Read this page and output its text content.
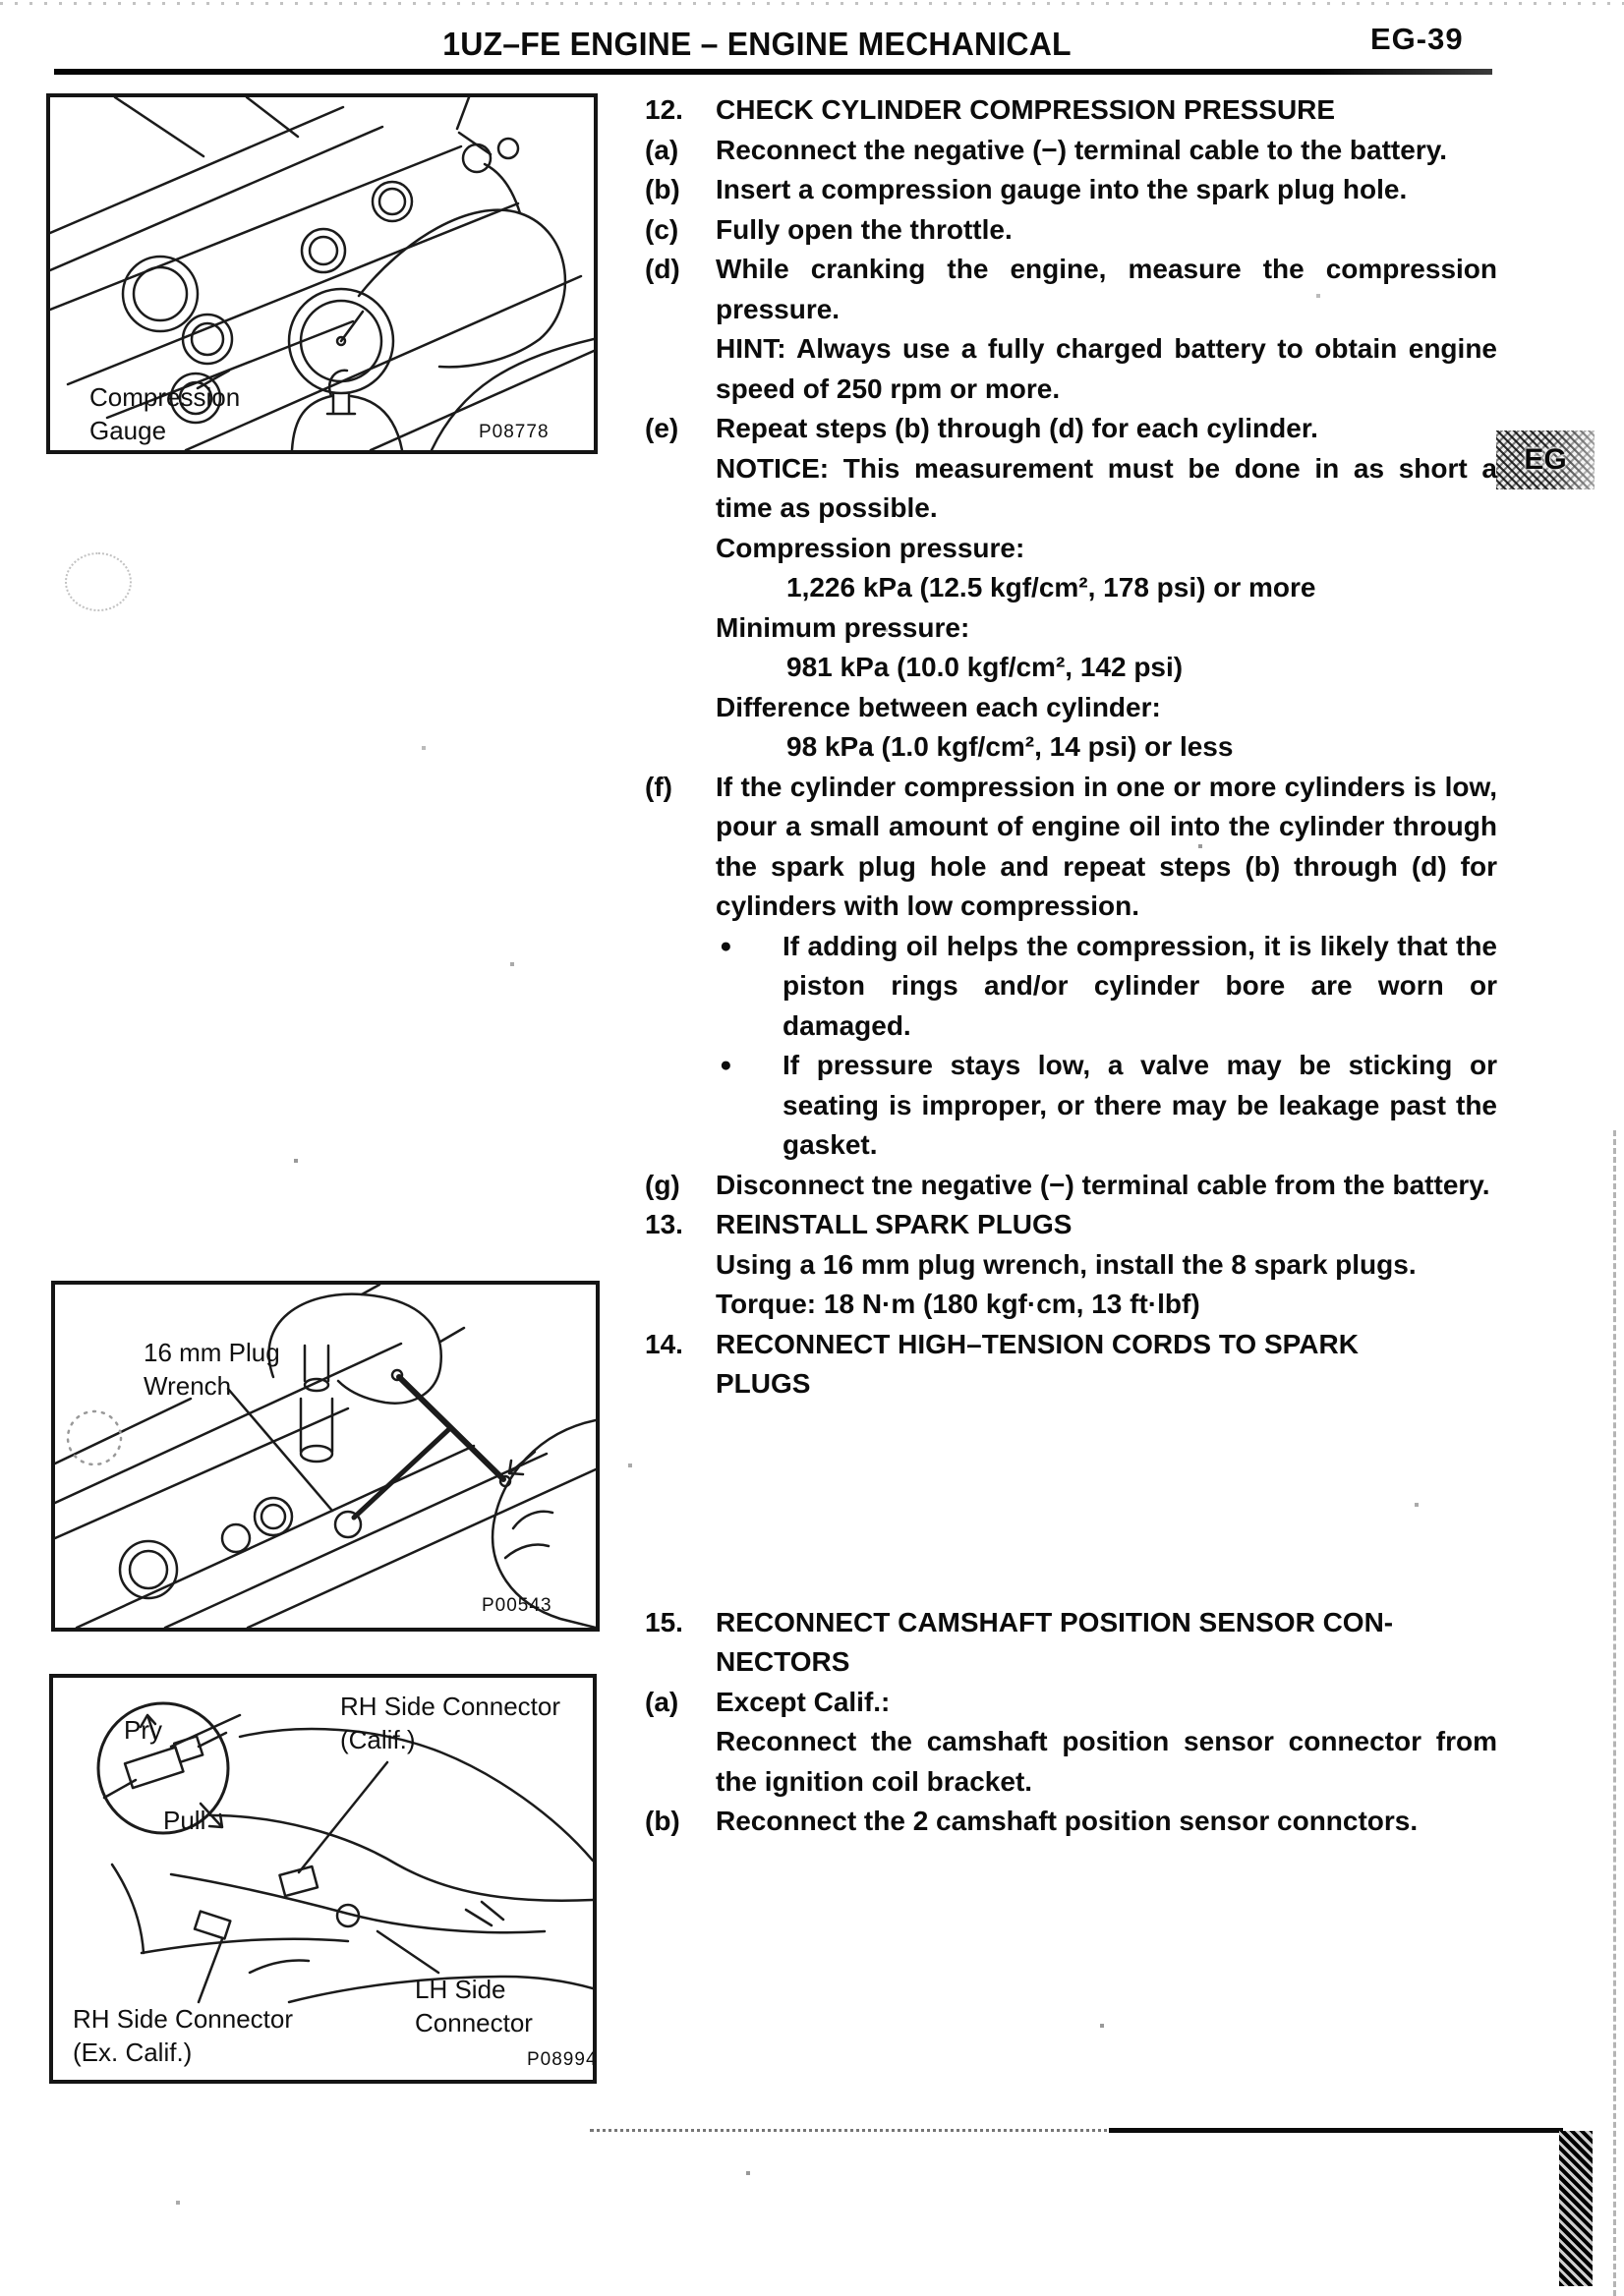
1UZ–FE ENGINE – ENGINE MECHANICAL	EG-39
EG
Compression
Gauge	P08778
16 mm Plug
Wrench
P00543
Pry
Pull
RH Side Connector
(Calif.)
RH Side Connector
(Ex. Calif.)
LH Side
Connector
P08994
12.	CHECK CYLINDER COMPRESSION PRESSURE
(a)	Reconnect the negative (−) terminal cable to the battery.
(b)	Insert a compression gauge into the spark plug hole.
(c)	Fully open the throttle.
(d)	While cranking the engine, measure the compression pressure.
HINT: Always use a fully charged battery to obtain engine speed of 250 rpm or more.
(e)	Repeat steps (b) through (d) for each cylinder.
NOTICE: This measurement must be done in as short a time as possible.
Compression pressure:
1,226 kPa (12.5 kgf/cm², 178 psi) or more
Minimum pressure:
981 kPa (10.0 kgf/cm², 142 psi)
Difference between each cylinder:
98 kPa (1.0 kgf/cm², 14 psi) or less
(f)	If the cylinder compression in one or more cylinders is low, pour a small amount of engine oil into the cylinder through the spark plug hole and repeat steps (b) through (d) for cylinders with low compression.
●	If adding oil helps the compression, it is likely that the piston rings and/or cylinder bore are worn or damaged.
●	If pressure stays low, a valve may be sticking or seating is improper, or there may be leakage past the gasket.
(g)	Disconnect tne negative (−) terminal cable from the battery.
13.	REINSTALL SPARK PLUGS
Using a 16 mm plug wrench, install the 8 spark plugs.
Torque: 18 N·m (180 kgf·cm, 13 ft·lbf)
14.	RECONNECT HIGH–TENSION CORDS TO SPARK
PLUGS
15.	RECONNECT CAMSHAFT POSITION SENSOR CON-
NECTORS
(a)	Except Calif.:
Reconnect the camshaft position sensor connector from the ignition coil bracket.
(b)	Reconnect the 2 camshaft position sensor connctors.
